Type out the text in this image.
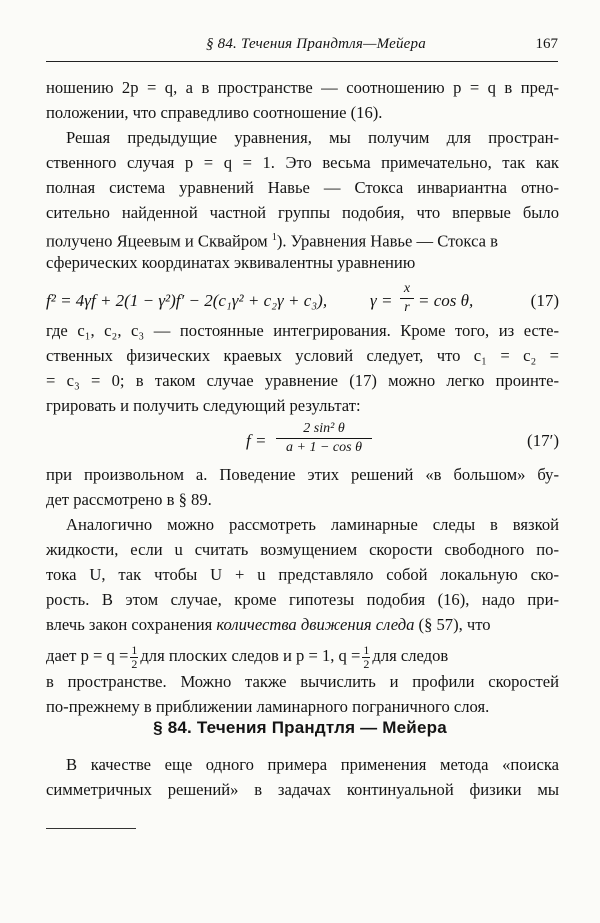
§ 84. Течения Прандтля—Мейера	167
ношению 2p = q, а в пространстве — соотношению p = q в пред-
положении, что справедливо соотношение (16).
Решая предыдущие уравнения, мы получим для простран-
ственного случая p = q = 1. Это весьма примечательно, так как
полная система уравнений Навье — Стокса инвариантна отно-
сительно найденной частной группы подобия, что впервые было
получено Яцеевым и Сквайром $^1$). Уравнения Навье — Стокса в
сферических координатах эквивалентны уравнению
f² = 4γf + 2(1 − γ²)f′ − 2(c₁γ² + c₂γ + c₃),	$\gamma = \frac{x}{r} = \cos \theta$,	(17)
где c₁, c₂, c₃ — постоянные интегрирования. Кроме того, из есте-
ственных физических краевых условий следует, что c₁ = c₂ =
= c₃ = 0; в таком случае уравнение (17) можно легко проинте-
грировать и получить следующий результат:
$f = \frac{\text{2 sin² θ}}{\text{a + 1 − cos θ}}$	(17′)
при произвольном a. Поведение этих решений «в большом» бу-
дет рассмотрено в § 89.
Аналогично можно рассмотреть ламинарные следы в вязкой
жидкости, если u считать возмущением скорости свободного по-
тока U, так чтобы U + u представляло собой локальную ско-
рость. В этом случае, кроме гипотезы подобия (16), надо при-
влечь закон сохранения количества движения следа (§ 57), что
дает $p = q = \frac{1}{2}$ для плоских следов и p = 1, $q = \frac{1}{2}$ для следов
§ 84. Течения Прандтля — Мейера
в пространстве. Можно также вычислить и профили скоростей
по-прежнему в приближении ламинарного пограничного слоя.
В качестве еще одного примера применения метода «поиска
симметричных решений» в задачах континуальной физики мы
